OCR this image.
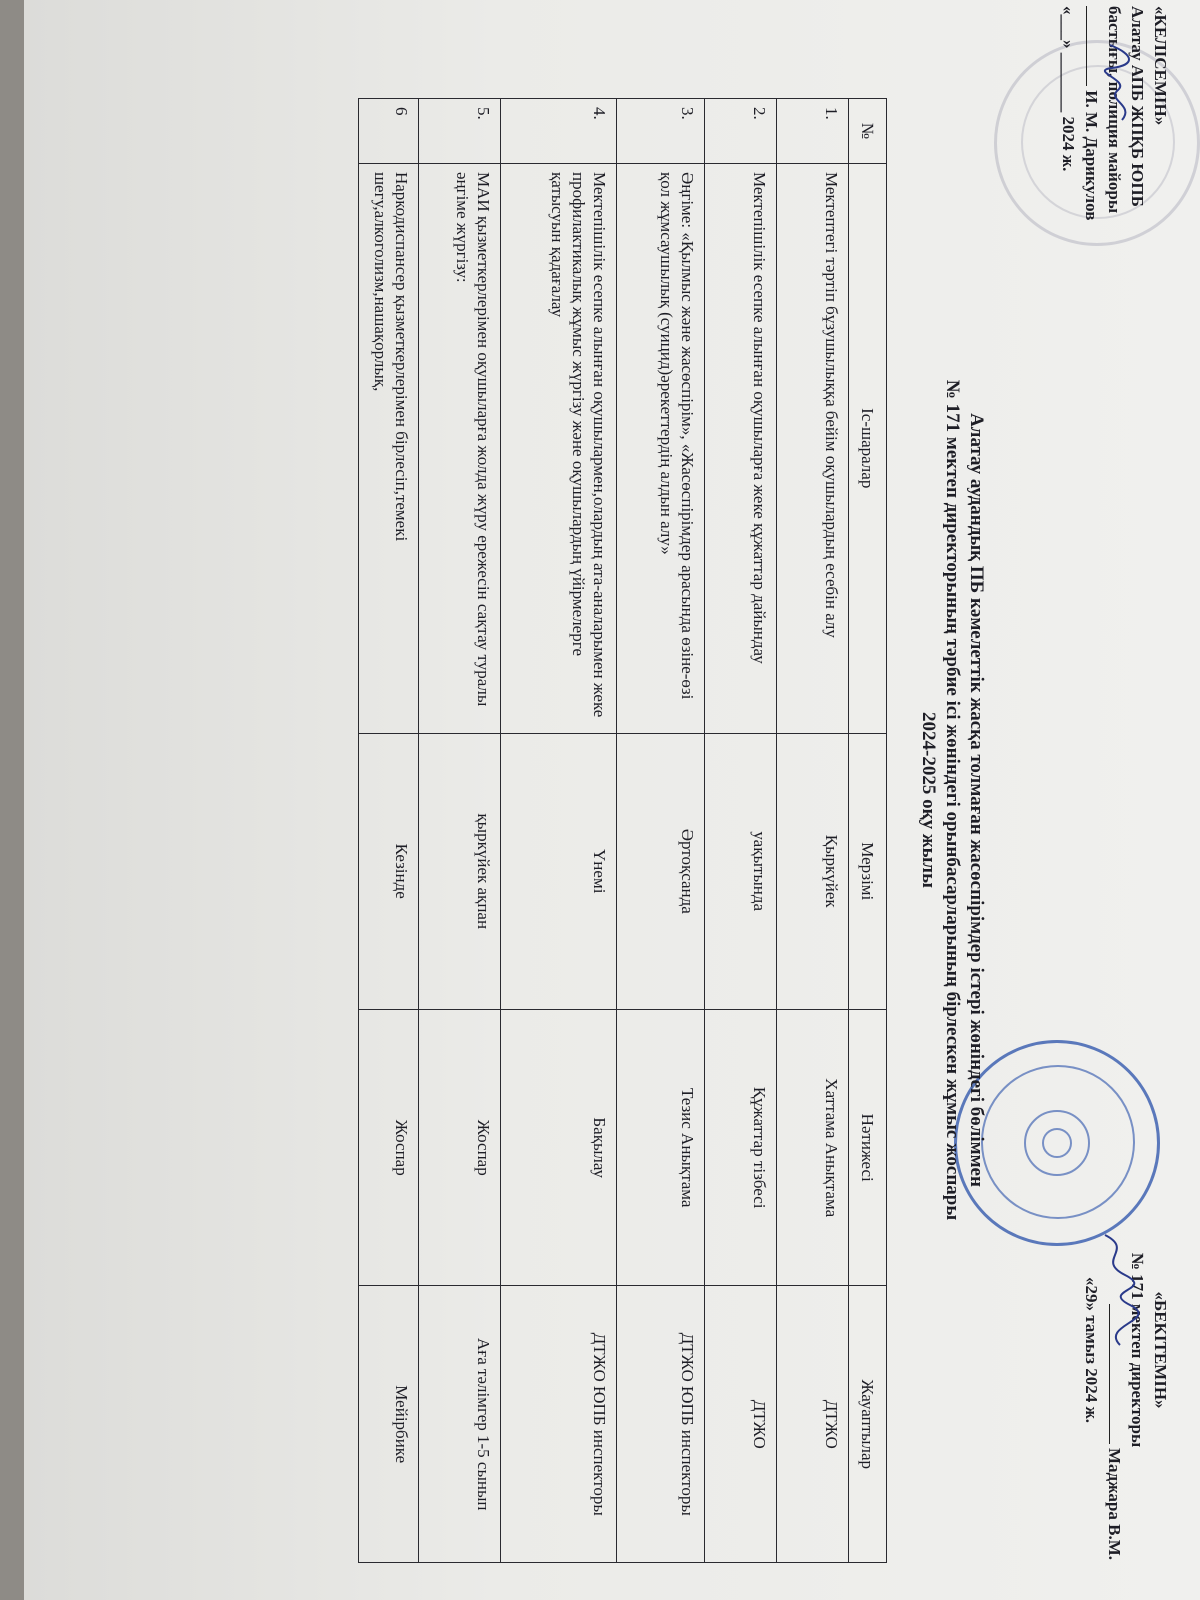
«КЕЛІСЕМІН»
Алатау АПБ ЖПҚБ ЮПБ
бастығы, полиция майоры
И. М. Дарикулов
«___» _______ 2024 ж.
«БЕКІТЕМІН»
№ 171 мектеп директоры
Маджара В.М.
«29» тамыз 2024 ж.
Алатау аудандық ПБ кәмелеттік жасқа толмаған жасөспірімдер істері жөніндегі бөліммен
№ 171 мектеп директорының тәрбие ісі жөніндегі орынбасарларының бірлескен жұмыс жоспары
2024-2025 оқу жылы
№	Іс-шаралар	Мерзімі	Нәтижесі	Жауаптылар
1.	Мектептегі тәртіп бұзушылыққа бейім оқушылардың есебін алу	Қыркүйек	Хаттама Анықтама	ДТЖО
2.	Мектепішілік есепке алынған оқушыларға жеке құжаттар дайындау	уақытында	Құжаттар тізбесі	ДТЖО
3.	Әңгіме: «Қылмыс және жасөспірім», «Жасөспірімдер арасында өзіне-өзі қол жұмсаушылық (суицид)әрекеттердің алдын алу»	Әртоқсанда	Тезис Анықтама	ДТЖО ЮПБ инспекторы
4.	Мектепішілік есепке алынған оқушылармен,олардың ата-аналарымен жеке профилактикалық жұмыс жүргізу және оқушылардың үйірмелерге қатысуын қадағалау	Үнемі	Бақылау	ДТЖО ЮПБ инспекторы
5.	МАИ қызметкерлерімен оқушыларға жолда жүру ережесін сақтау туралы әңгіме жүргізу:	қыркүйек ақпан	Жоспар	Аға тәлімгер 1-5 сынып
6	Наркодиспансер қызметкерлерімен бірлесіп,темекі шегу,алкоголизм,нашақорлық,	Кезінде	Жоспар	Мейірбике
